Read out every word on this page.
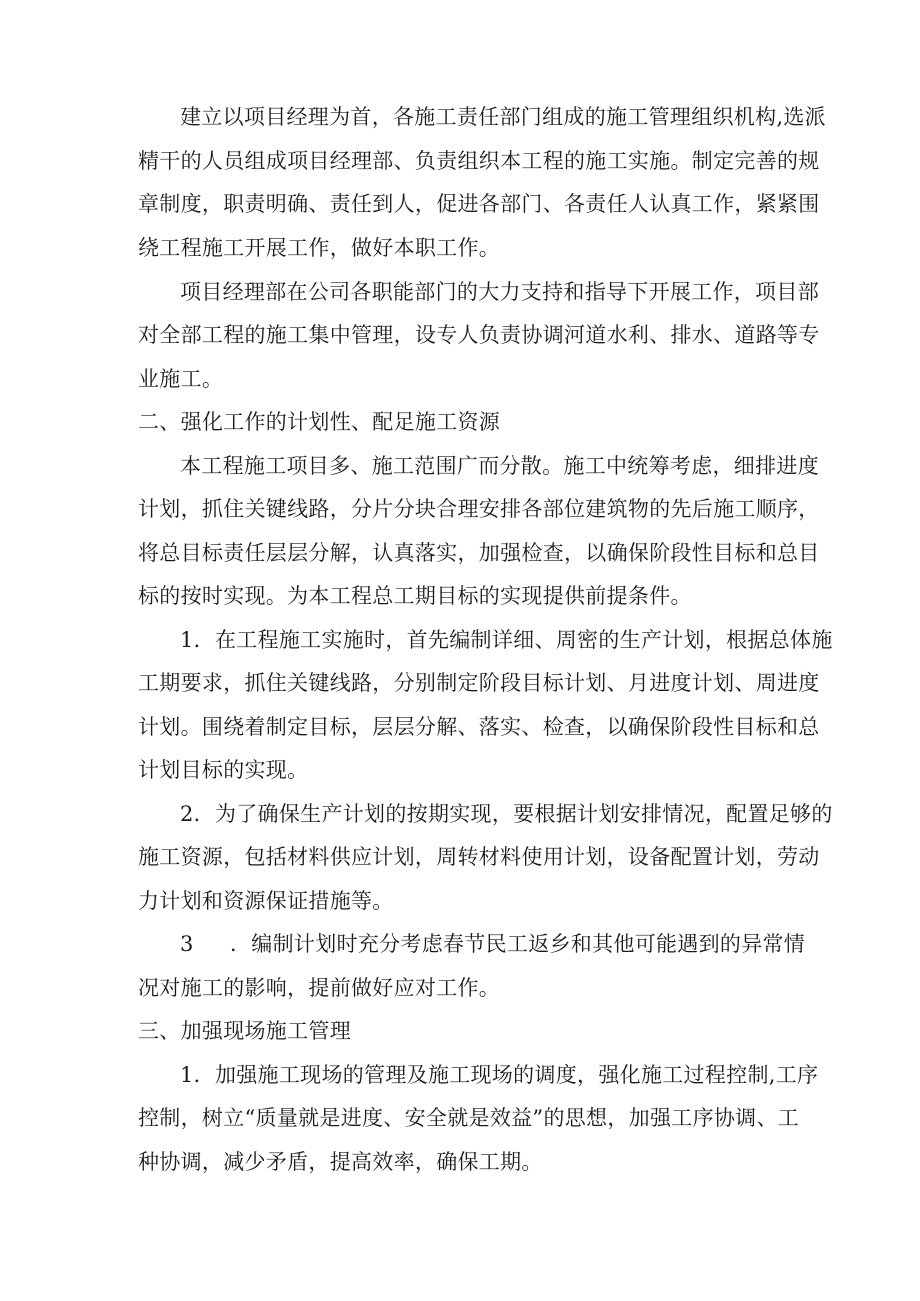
建立以项目经理为首，各施工责任部门组成的施工管理组织机构,选派
精干的人员组成项目经理部、负责组织本工程的施工实施。制定完善的规
章制度，职责明确、责任到人，促进各部门、各责任人认真工作，紧紧围
绕工程施工开展工作，做好本职工作。
项目经理部在公司各职能部门的大力支持和指导下开展工作，项目部
对全部工程的施工集中管理，设专人负责协调河道水利、排水、道路等专
业施工。
二、强化工作的计划性、配足施工资源
本工程施工项目多、施工范围广而分散。施工中统筹考虑，细排进度
计划，抓住关键线路，分片分块合理安排各部位建筑物的先后施工顺序，
将总目标责任层层分解，认真落实，加强检查，以确保阶段性目标和总目
标的按时实现。为本工程总工期目标的实现提供前提条件。
1．在工程施工实施时，首先编制详细、周密的生产计划，根据总体施
工期要求，抓住关键线路，分别制定阶段目标计划、月进度计划、周进度
计划。围绕着制定目标，层层分解、落实、检查，以确保阶段性目标和总
计划目标的实现。
2．为了确保生产计划的按期实现，要根据计划安排情况，配置足够的
施工资源，包括材料供应计划，周转材料使用计划，设备配置计划，劳动
力计划和资源保证措施等。
3 ．编制计划时充分考虑春节民工返乡和其他可能遇到的异常情
况对施工的影响，提前做好应对工作。
三、加强现场施工管理
1．加强施工现场的管理及施工现场的调度，强化施工过程控制,工序
控制，树立“质量就是进度、安全就是效益”的思想，加强工序协调、工
种协调，减少矛盾，提高效率，确保工期。
